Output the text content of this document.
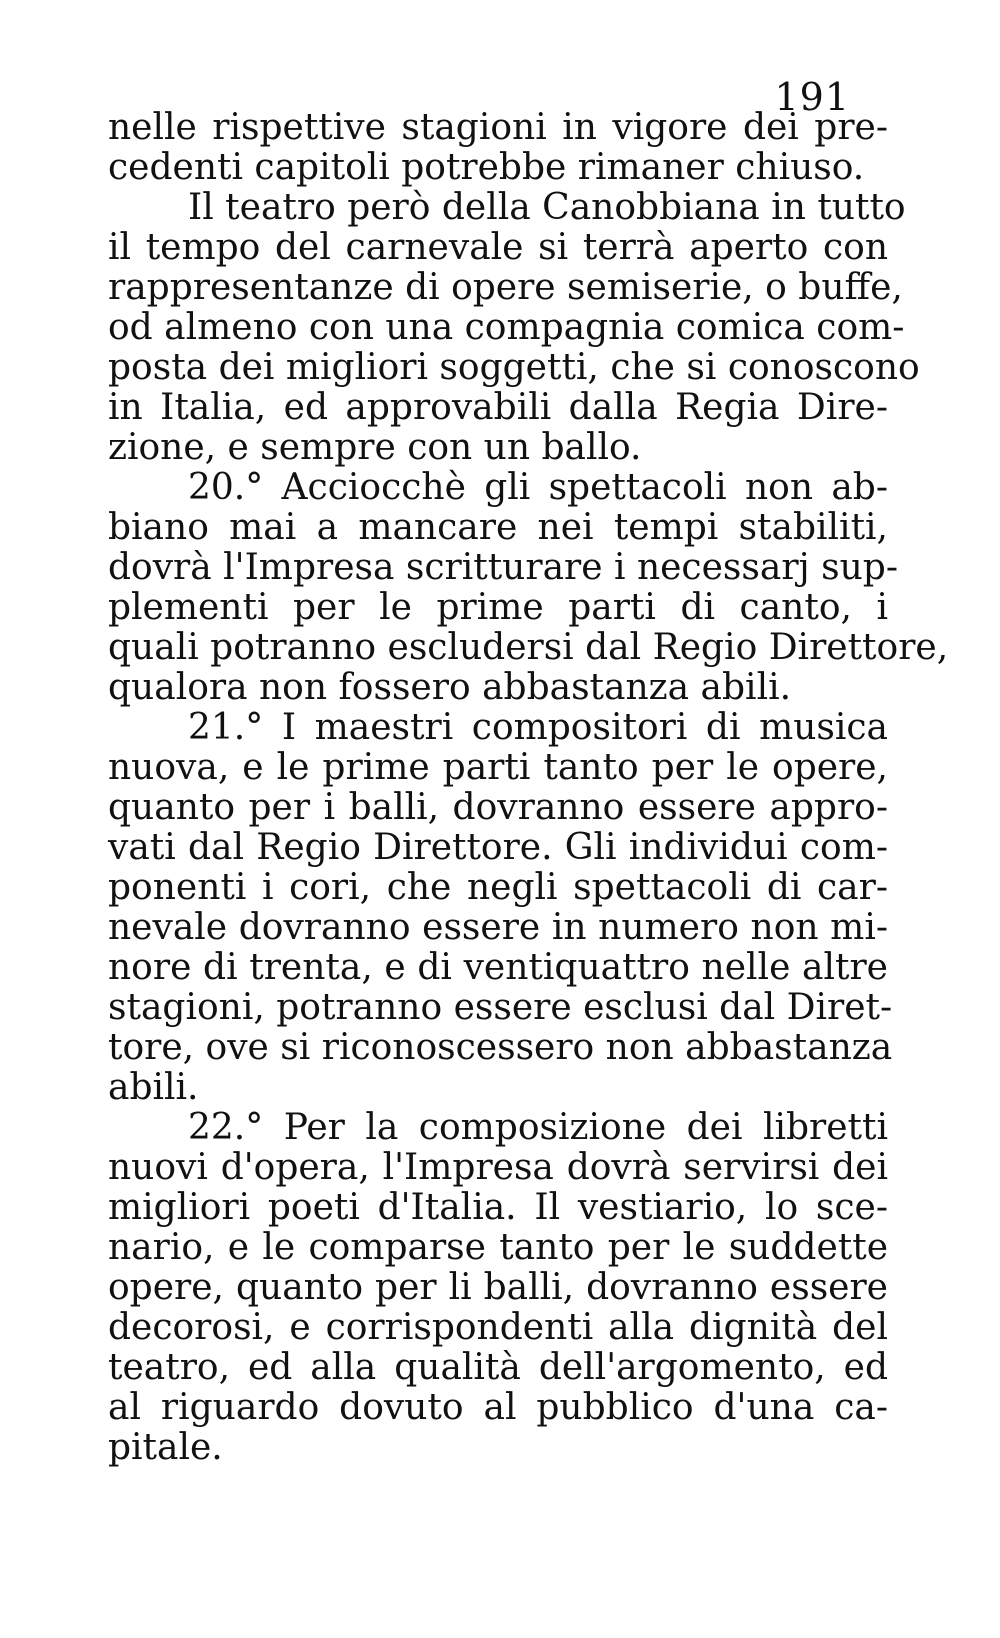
191
nelle rispettive stagioni in vigore dei pre-
cedenti capitoli potrebbe rimaner chiuso.
Il teatro però della Canobbiana in tutto
il tempo del carnevale si terrà aperto con
rappresentanze di opere semiserie, o buffe,
od almeno con una compagnia comica com-
posta dei migliori soggetti, che si conoscono
in Italia, ed approvabili dalla Regia Dire-
zione, e sempre con un ballo.
20.° Acciocchè gli spettacoli non ab-
biano mai a mancare nei tempi stabiliti,
dovrà l'Impresa scritturare i necessarj sup-
plementi per le prime parti di canto, i
quali potranno escludersi dal Regio Direttore,
qualora non fossero abbastanza abili.
21.° I maestri compositori di musica
nuova, e le prime parti tanto per le opere,
quanto per i balli, dovranno essere appro-
vati dal Regio Direttore. Gli individui com-
ponenti i cori, che negli spettacoli di car-
nevale dovranno essere in numero non mi-
nore di trenta, e di ventiquattro nelle altre
stagioni, potranno essere esclusi dal Diret-
tore, ove si riconoscessero non abbastanza
abili.
22.° Per la composizione dei libretti
nuovi d'opera, l'Impresa dovrà servirsi dei
migliori poeti d'Italia. Il vestiario, lo sce-
nario, e le comparse tanto per le suddette
opere, quanto per li balli, dovranno essere
decorosi, e corrispondenti alla dignità del
teatro, ed alla qualità dell'argomento, ed
al riguardo dovuto al pubblico d'una ca-
pitale.
